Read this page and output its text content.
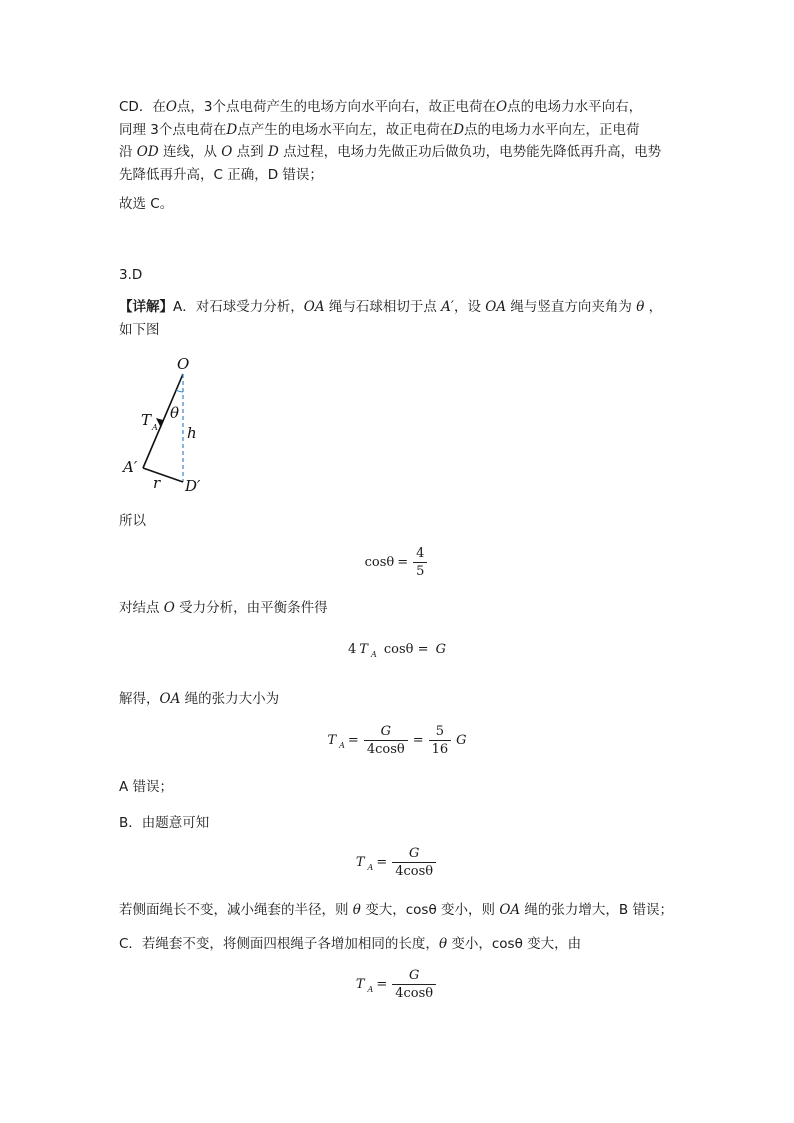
CD．在O点，3个点电荷产生的电场方向水平向右，故正电荷在O点的电场力水平向右，
同理 3个点电荷在D点产生的电场水平向左，故正电荷在D点的电场力水平向左，正电荷
沿 OD 连线，从 O 点到 D 点过程，电场力先做正功后做负功，电势能先降低再升高，电势
先降低再升高，C 正确，D 错误；

故选 C。

3.D

【详解】A．对石球受力分析，OA 绳与石球相切于点 A′，设 OA 绳与竖直方向夹角为 θ ，
如下图

O
θ
T A h
A′
r D′

所以

$\cos\theta = \frac{4}{5}$

对结点 O 受力分析，由平衡条件得

4 T A cosθ = G

解得，OA 绳的张力大小为

T $A = \frac{G}{4\cos\theta} = \frac{5}{16}$ G

A 错误；

B．由题意可知

T $A = \frac{G}{4\cos\theta}$

若侧面绳长不变，减小绳套的半径，则 θ 变大，cosθ 变小，则 OA 绳的张力增大，B 错误；

C．若绳套不变，将侧面四根绳子各增加相同的长度，θ 变小，cosθ 变大，由

T $A = \frac{G}{4\cos\theta}$
